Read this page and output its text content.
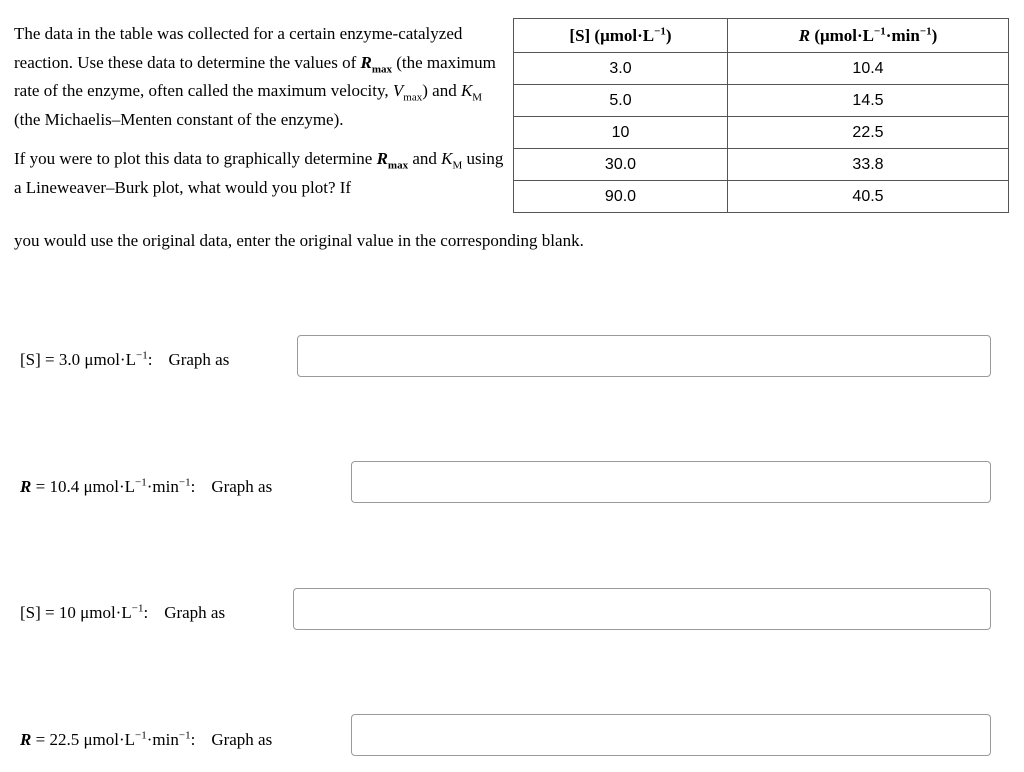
The data in the table was collected for a certain enzyme-catalyzed reaction. Use these data to determine the values of $R_{max}$ (the maximum rate of the enzyme, often called the maximum velocity, $V_{max}$) and $K_M$ (the Michaelis–Menten constant of the enzyme).

If you were to plot this data to graphically determine $R_{max}$ and $K_M$ using a Lineweaver–Burk plot, what would you plot? If

you would use the original data, enter the original value in the corresponding blank.
[S] $(\mu mol\cdot L^{-1})$	R $(\mu mol\cdot L^{-1}\cdot\min^{-1})$
3.0	10.4
5.0	14.5
10	22.5
30.0	33.8
90.0	40.5
[S] = 3.0 $\mu mol\cdot L^{-1}$: Graph as
R = 10.4 $\mu mol\cdot L^{-1}\cdot\min^{-1}$: Graph as
[S] = 10 $\mu mol\cdot L^{-1}$: Graph as
R = 22.5 $\mu mol\cdot L^{-1}\cdot\min^{-1}$: Graph as
